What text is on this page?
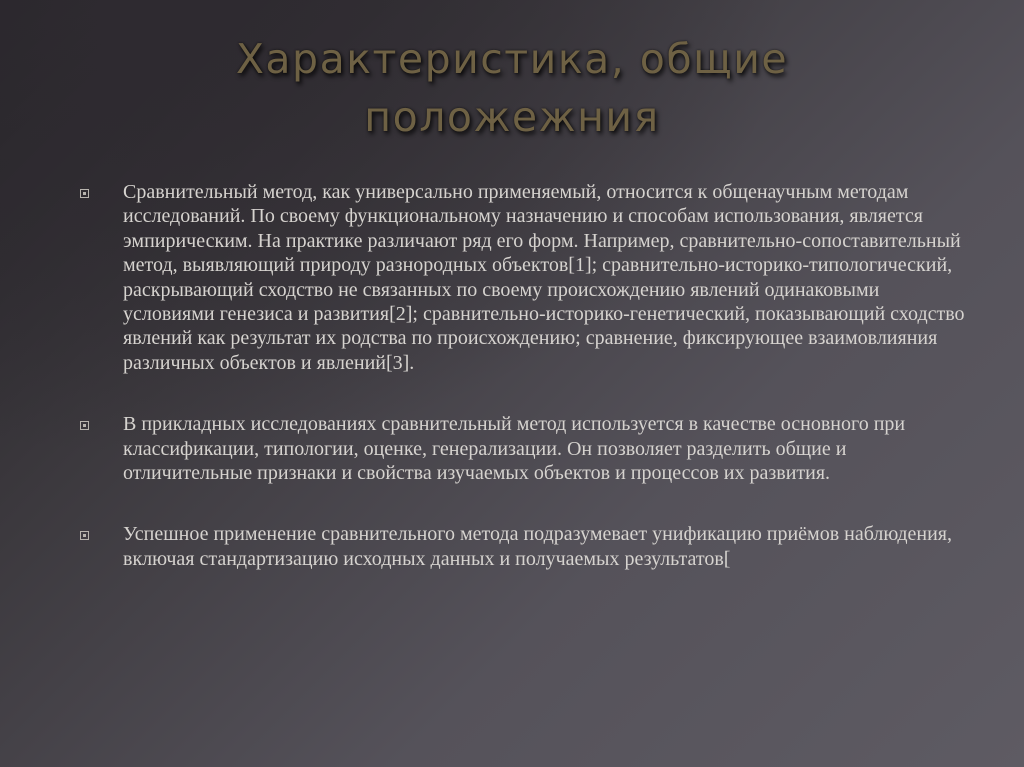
Характеристика, общие
положежния
Сравнительный метод, как универсально применяемый, относится к общенаучным методам исследований. По своему функциональному назначению и способам использования, является эмпирическим. На практике различают ряд его форм. Например, сравнительно-сопоставительный метод, выявляющий природу разнородных объектов[1]; сравнительно-историко-типологический, раскрывающий сходство не связанных по своему происхождению явлений одинаковыми условиями генезиса и развития[2]; сравнительно-историко-генетический, показывающий сходство явлений как результат их родства по происхождению; сравнение, фиксирующее взаимовлияния различных объектов и явлений[3].
В прикладных исследованиях сравнительный метод используется в качестве основного при классификации, типологии, оценке, генерализации. Он позволяет разделить общие и отличительные признаки и свойства изучаемых объектов и процессов их развития.
Успешное применение сравнительного метода подразумевает унификацию приёмов наблюдения, включая стандартизацию исходных данных и получаемых результатов[
